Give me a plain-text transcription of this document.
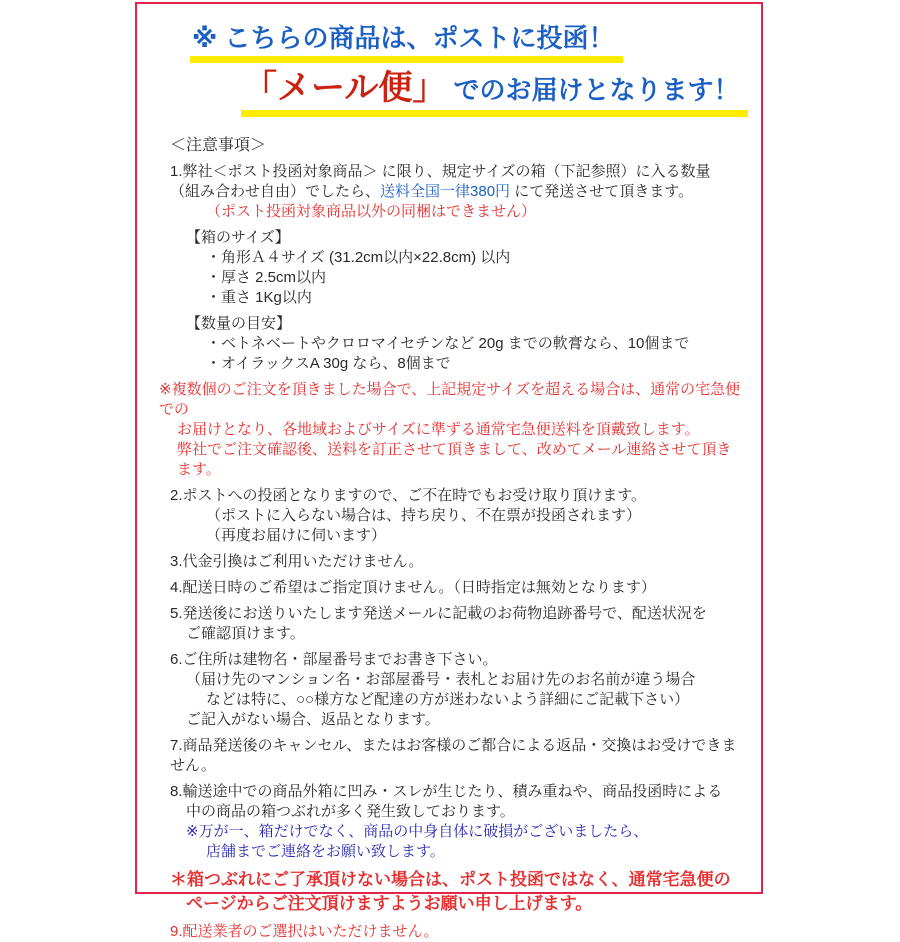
※ こちらの商品は、ポストに投函！
「メール便」 でのお届けとなります！
＜注意事項＞
1.弊社＜ポスト投函対象商品＞ に限り、規定サイズの箱（下記参照）に入る数量
（組み合わせ自由）でしたら、送料全国一律380円 にて発送させて頂きます。
（ポスト投函対象商品以外の同梱はできません）
【箱のサイズ】
・角形Ａ４サイズ (31.2cm以内×22.8cm) 以内
・厚さ 2.5cm以内
・重さ 1Kg以内
【数量の目安】
・ベトネベートやクロロマイセチンなど 20g までの軟膏なら、10個まで
・オイラックスA 30g なら、8個まで
※複数個のご注文を頂きました場合で、上記規定サイズを超える場合は、通常の宅急便での
お届けとなり、各地域およびサイズに準ずる通常宅急便送料を頂戴致します。
弊社でご注文確認後、送料を訂正させて頂きまして、改めてメール連絡させて頂きます。
2.ポストへの投函となりますので、ご不在時でもお受け取り頂けます。
（ポストに入らない場合は、持ち戻り、不在票が投函されます）
（再度お届けに伺います）
3.代金引換はご利用いただけません。
4.配送日時のご希望はご指定頂けません。（日時指定は無効となります）
5.発送後にお送りいたします発送メールに記載のお荷物追跡番号で、配送状況を
ご確認頂けます。
6.ご住所は建物名・部屋番号までお書き下さい。
（届け先のマンション名・お部屋番号・表札とお届け先のお名前が違う場合
などは特に、○○様方など配達の方が迷わないよう詳細にご記載下さい）
ご記入がない場合、返品となります。
7.商品発送後のキャンセル、またはお客様のご都合による返品・交換はお受けできません。
8.輸送途中での商品外箱に凹み・スレが生じたり、積み重ねや、商品投函時による
中の商品の箱つぶれが多く発生致しております。
※万が一、箱だけでなく、商品の中身自体に破損がございましたら、
店舗までご連絡をお願い致します。
＊箱つぶれにご了承頂けない場合は、ポスト投函ではなく、通常宅急便の
ページからご注文頂けますようお願い申し上げます。
9.配送業者のご選択はいただけません。
